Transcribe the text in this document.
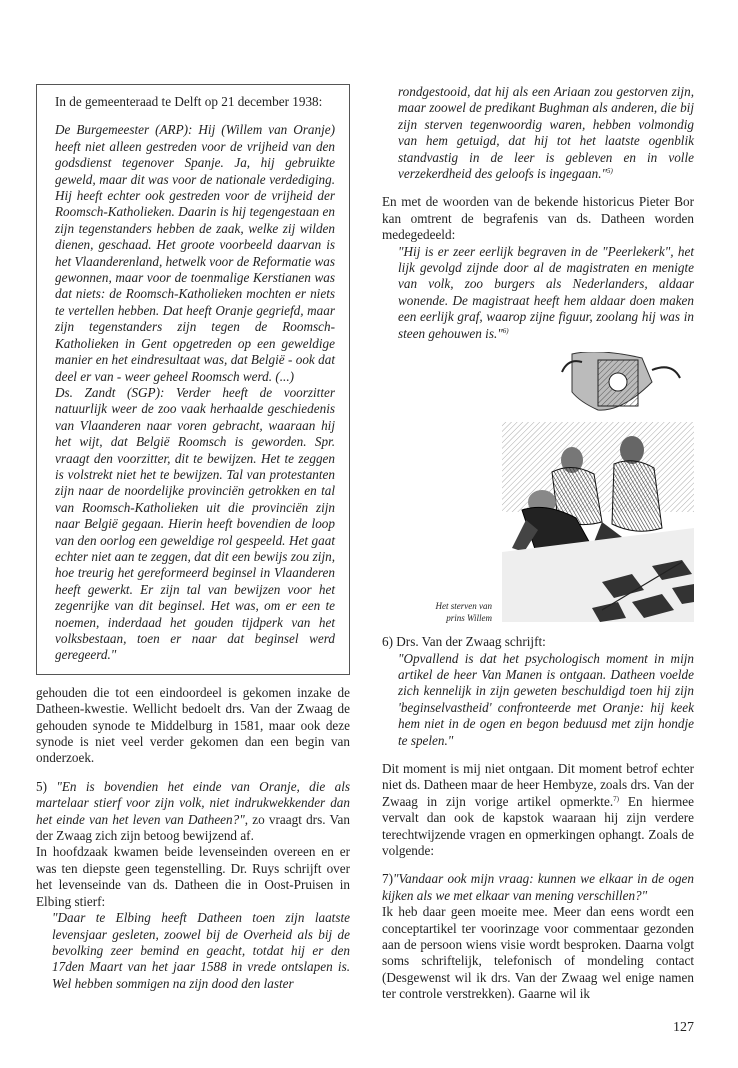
In de gemeenteraad te Delft op 21 december 1938:

De Burgemeester (ARP): Hij (Willem van Oranje) heeft niet alleen gestreden voor de vrijheid van den godsdienst tegenover Spanje. Ja, hij gebruikte geweld, maar dit was voor de nationale verdediging. Hij heeft echter ook gestreden voor de vrijheid der Roomsch-Katholieken. Daarin is hij tegengestaan en zijn tegenstanders hebben de zaak, welke zij wilden dienen, geschaad. Het groote voorbeeld daarvan is het Vlaanderenland, hetwelk voor de Reformatie was gewonnen, maar voor de toenmalige Kerstianen was dat niets: de Roomsch-Katholieken mochten er niets te vertellen hebben. Dat heeft Oranje gegriefd, maar zijn tegenstanders zijn tegen de Roomsch-Katholieken in Gent opgetreden op een geweldige manier en het eindresultaat was, dat België - ook dat deel er van - weer geheel Roomsch werd. (...)

Ds. Zandt (SGP): Verder heeft de voorzitter natuurlijk weer de zoo vaak herhaalde geschiedenis van Vlaanderen naar voren gebracht, waaraan hij het wijt, dat België Roomsch is geworden. Spr. vraagt den voorzitter, dit te bewijzen. Het te zeggen is volstrekt niet het te bewijzen. Tal van protestanten zijn naar de noordelijke provinciën getrokken en tal van Roomsch-Katholieken uit die provinciën zijn naar België gegaan. Hierin heeft bovendien de loop van den oorlog een geweldige rol gespeeld. Het gaat echter niet aan te zeggen, dat dit een bewijs zou zijn, hoe treurig het gereformeerd beginsel in Vlaanderen heeft gewerkt. Er zijn tal van bewijzen voor het zegenrijke van dit beginsel. Het was, om er een te noemen, inderdaad het gouden tijdperk van het volksbestaan, toen er naar dat beginsel werd geregeerd."

gehouden die tot een eindoordeel is gekomen inzake de Datheen-kwestie. Wellicht bedoelt drs. Van der Zwaag de gehouden synode te Middelburg in 1581, maar ook deze synode is niet veel verder gekomen dan een begin van onderzoek.

5) "En is bovendien het einde van Oranje, die als martelaar stierf voor zijn volk, niet indrukwekkender dan het einde van het leven van Datheen?", zo vraagt drs. Van der Zwaag zich zijn betoog bewijzend af.

In hoofdzaak kwamen beide levenseinden overeen en er was ten diepste geen tegenstelling. Dr. Ruys schrijft over het levenseinde van ds. Datheen die in Oost-Pruisen in Elbing stierf:

"Daar te Elbing heeft Datheen toen zijn laatste levensjaar gesleten, zoowel bij de Overheid als bij de bevolking zeer bemind en geacht, totdat hij er den 17den Maart van het jaar 1588 in vrede ontslapen is. Wel hebben sommigen na zijn dood den laster

rondgestooid, dat hij als een Ariaan zou gestorven zijn, maar zoowel de predikant Bughman als anderen, die bij zijn sterven tegenwoordig waren, hebben volmondig van hem getuigd, dat hij tot het laatste ogenblik standvastig in de leer is gebleven en in volle verzekerdheid des geloofs is ingegaan."$^{5)}$

En met de woorden van de bekende historicus Pieter Bor kan omtrent de begrafenis van ds. Datheen worden medegedeeld:

"Hij is er zeer eerlijk begraven in de "Peerlekerk", het lijk gevolgd zijnde door al de magistraten en menigte van volk, zoo burgers als Nederlanders, aldaar wonende. De magistraat heeft hem aldaar doen maken een eerlijk graf, waarop zijne figuur, zoolang hij was in steen gehouwen is."$^{6)}$

Het sterven van
prins Willem

6) Drs. Van der Zwaag schrijft:

"Opvallend is dat het psychologisch moment in mijn artikel de heer Van Manen is ontgaan. Datheen voelde zich kennelijk in zijn geweten beschuldigd toen hij zijn 'beginselvastheid' confronteerde met Oranje: hij keek hem niet in de ogen en begon beduusd met zijn hondje te spelen."

Dit moment is mij niet ontgaan. Dit moment betrof echter niet ds. Datheen maar de heer Hembyze, zoals drs. Van der Zwaag in zijn vorige artikel opmerkte.$^{7)}$ En hiermee vervalt dan ook de kapstok waaraan hij zijn verdere terechtwijzende vragen en opmerkingen ophangt. Zoals de volgende:

7)"Vandaar ook mijn vraag: kunnen we elkaar in de ogen kijken als we met elkaar van mening verschillen?"
Ik heb daar geen moeite mee. Meer dan eens wordt een conceptartikel ter voorinzage voor commentaar gezonden aan de persoon wiens visie wordt besproken. Daarna volgt soms schriftelijk, telefonisch of mondeling contact (Desgewenst wil ik drs. Van der Zwaag wel enige namen ter controle verstrekken). Gaarne wil ik

127
